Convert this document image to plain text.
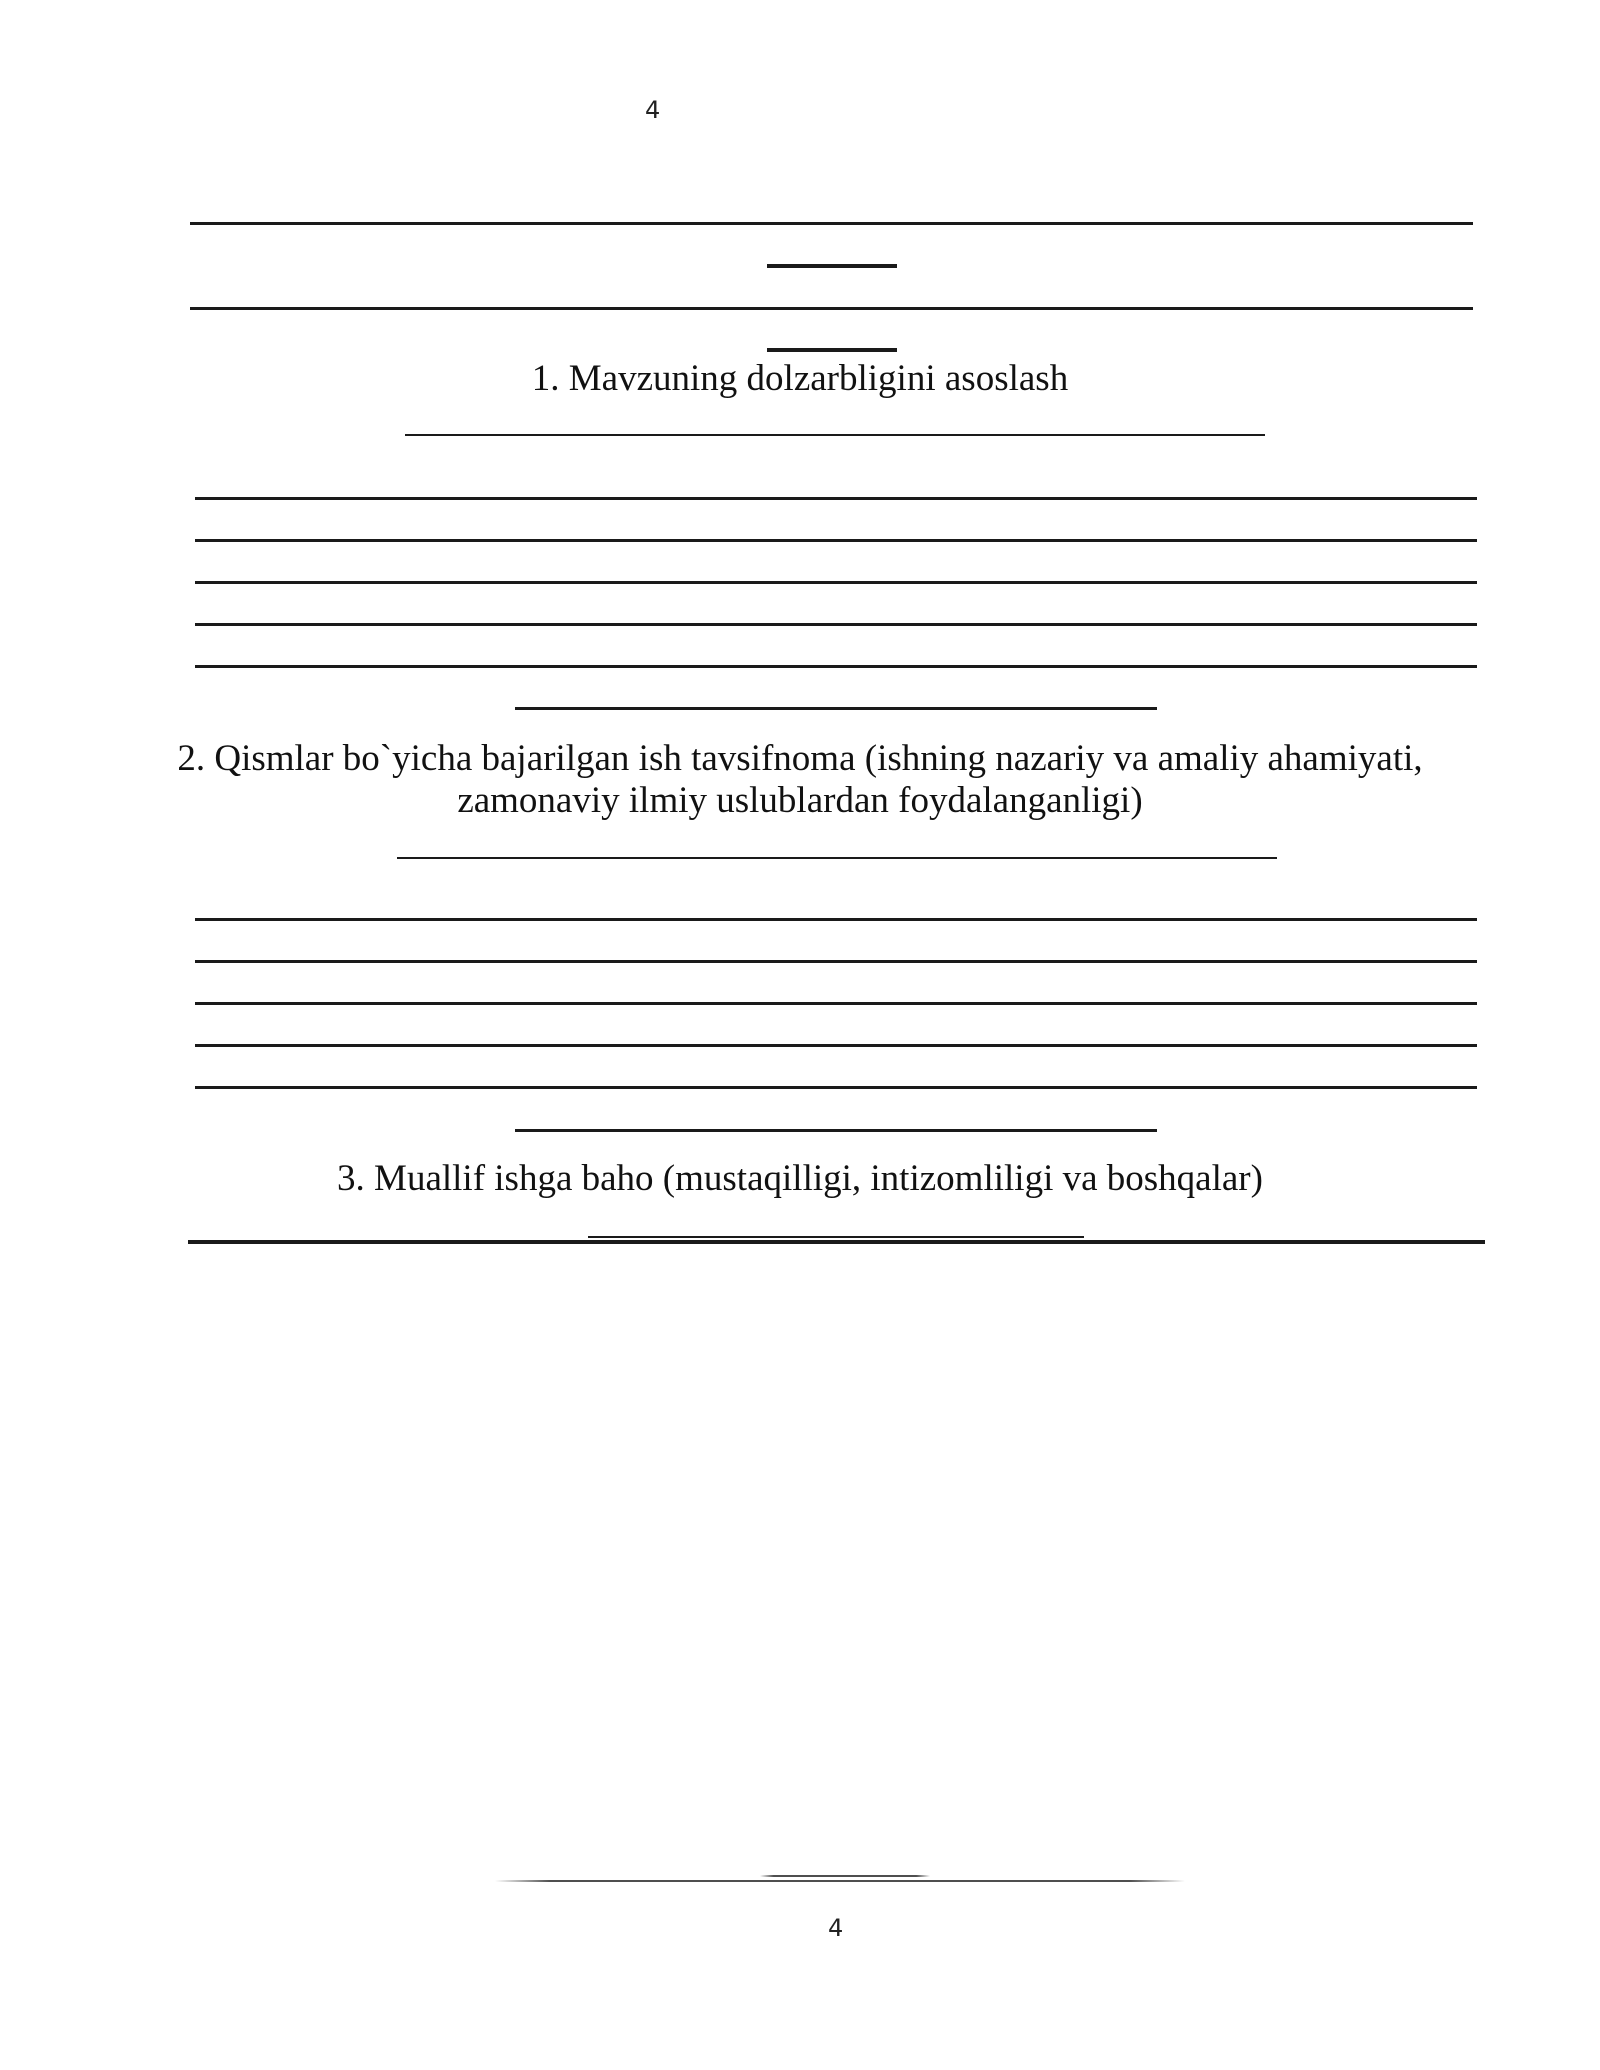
4
1. Mavzuning dolzarbligini asoslash
2. Qismlar bo`yicha bajarilgan ish tavsifnoma (ishning nazariy va amaliy ahamiyati,
zamonaviy ilmiy uslublardan foydalanganligi)
3. Muallif ishga baho (mustaqilligi, intizomliligi va boshqalar)
4
